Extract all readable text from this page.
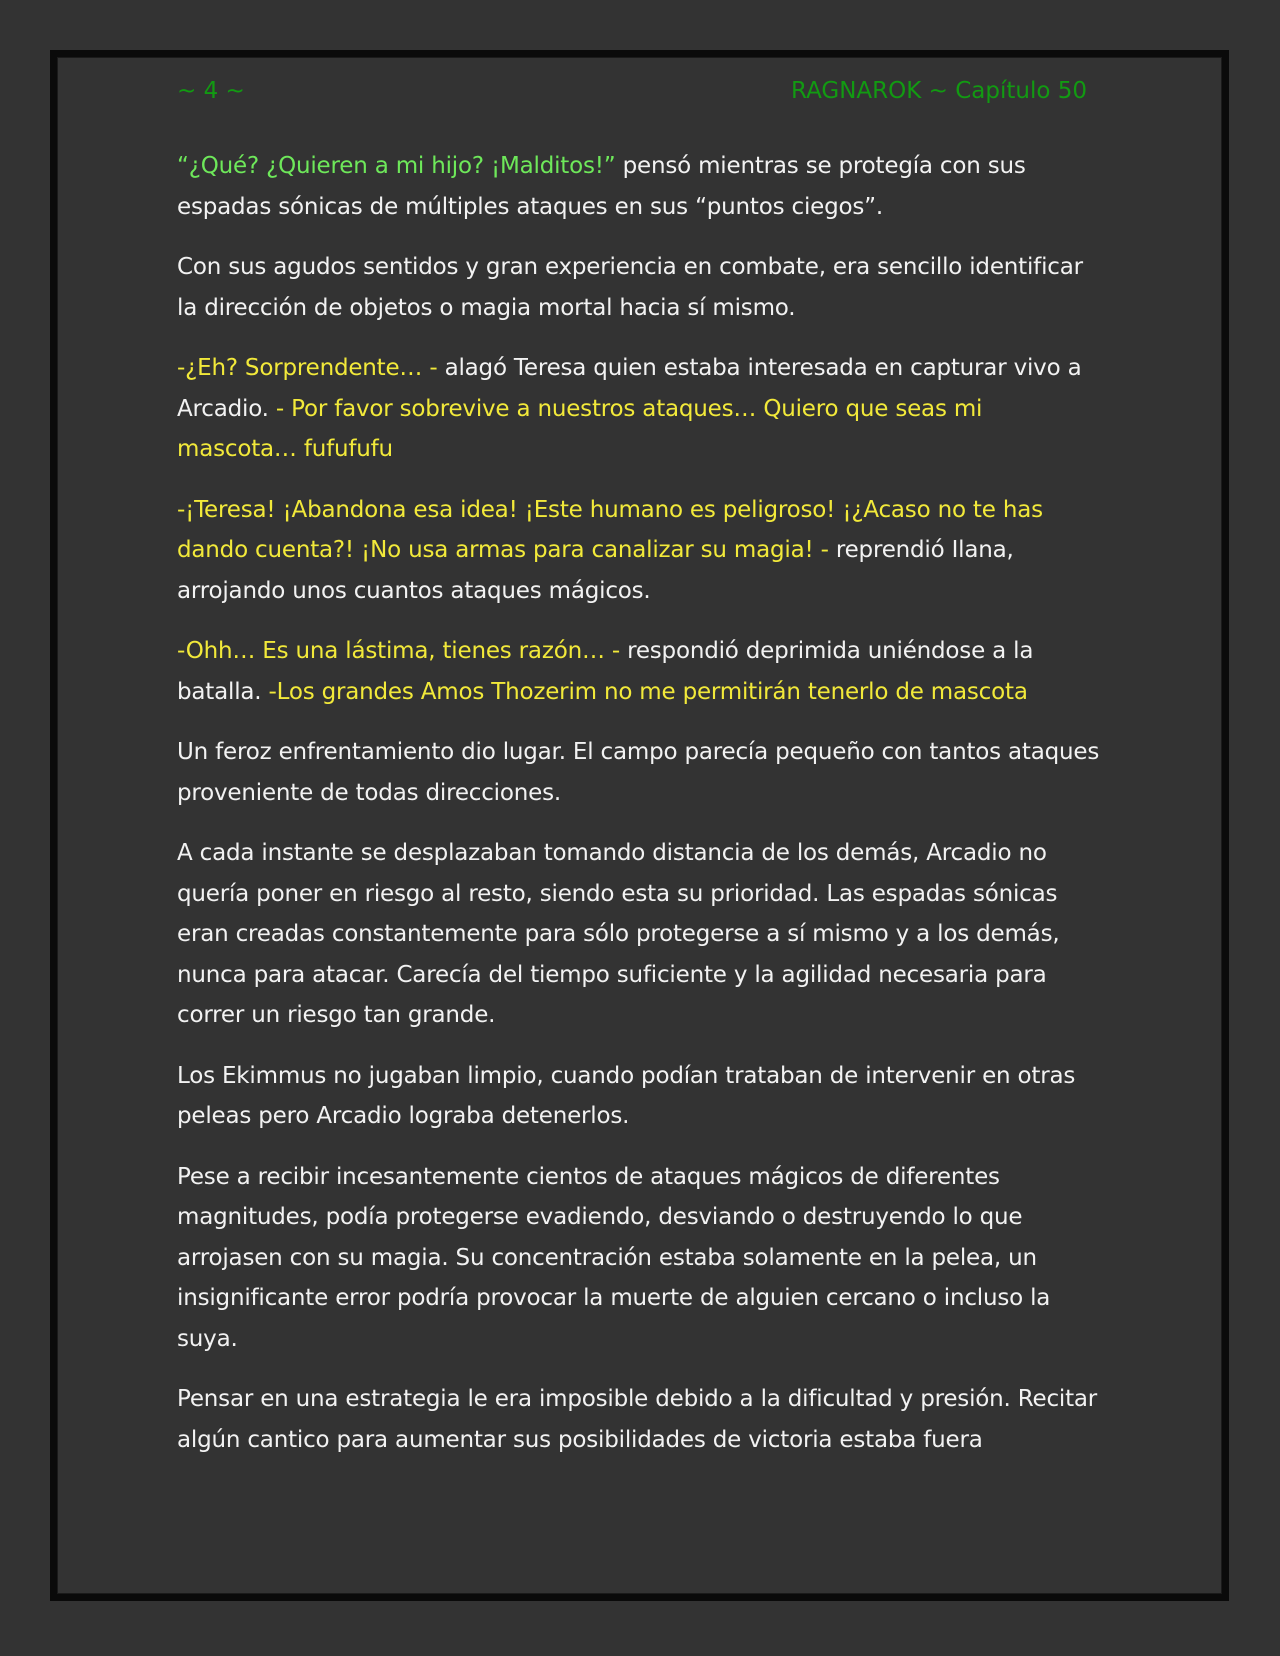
~ 4 ~	RAGNAROK ~ Capítulo 50

“¿Qué? ¿Quieren a mi hijo? ¡Malditos!” pensó mientras se protegía con sus espadas sónicas de múltiples ataques en sus “puntos ciegos”.

Con sus agudos sentidos y gran experiencia en combate, era sencillo identificar la dirección de objetos o magia mortal hacia sí mismo.

-¿Eh? Sorprendente… - alagó Teresa quien estaba interesada en capturar vivo a Arcadio. - Por favor sobrevive a nuestros ataques… Quiero que seas mi mascota… fufufufu

-¡Teresa! ¡Abandona esa idea! ¡Este humano es peligroso! ¡¿Acaso no te has dando cuenta?! ¡No usa armas para canalizar su magia! - reprendió Ilana, arrojando unos cuantos ataques mágicos.

-Ohh… Es una lástima, tienes razón… - respondió deprimida uniéndose a la batalla. -Los grandes Amos Thozerim no me permitirán tenerlo de mascota

Un feroz enfrentamiento dio lugar. El campo parecía pequeño con tantos ataques proveniente de todas direcciones.

A cada instante se desplazaban tomando distancia de los demás, Arcadio no quería poner en riesgo al resto, siendo esta su prioridad. Las espadas sónicas eran creadas constantemente para sólo protegerse a sí mismo y a los demás, nunca para atacar. Carecía del tiempo suficiente y la agilidad necesaria para correr un riesgo tan grande.

Los Ekimmus no jugaban limpio, cuando podían trataban de intervenir en otras peleas pero Arcadio lograba detenerlos.

Pese a recibir incesantemente cientos de ataques mágicos de diferentes magnitudes, podía protegerse evadiendo, desviando o destruyendo lo que arrojasen con su magia. Su concentración estaba solamente en la pelea, un insignificante error podría provocar la muerte de alguien cercano o incluso la suya.

Pensar en una estrategia le era imposible debido a la dificultad y presión. Recitar algún cantico para aumentar sus posibilidades de victoria estaba fuera
